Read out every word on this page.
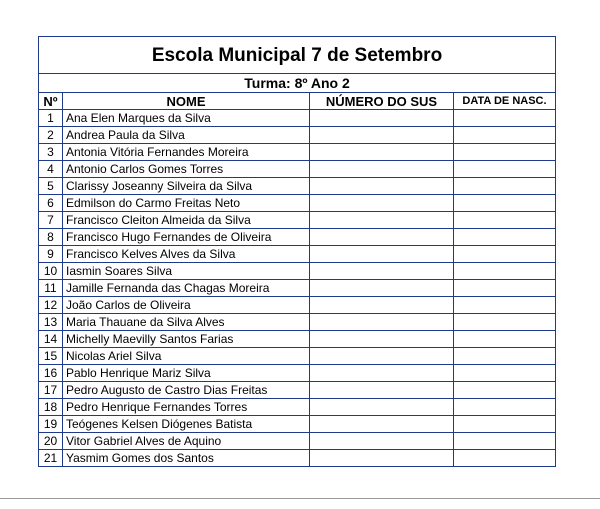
Escola Municipal 7 de Setembro			
Turma: 8º Ano 2			
Nº	NOME	NÚMERO DO SUS	DATA DE NASC.
1	Ana Elen Marques da Silva		
2	Andrea Paula da Silva		
3	Antonia Vitória Fernandes Moreira		
4	Antonio Carlos Gomes Torres		
5	Clarissy Joseanny Silveira da Silva		
6	Edmilson do Carmo Freitas Neto		
7	Francisco Cleiton Almeida da Silva		
8	Francisco Hugo Fernandes de Oliveira		
9	Francisco Kelves Alves da Silva		
10	Iasmin Soares Silva		
11	Jamille Fernanda das Chagas Moreira		
12	João Carlos de Oliveira		
13	Maria Thauane da Silva Alves		
14	Michelly Maevilly Santos Farias		
15	Nicolas Ariel Silva		
16	Pablo Henrique Mariz Silva		
17	Pedro Augusto de Castro Dias Freitas		
18	Pedro Henrique Fernandes Torres		
19	Teógenes Kelsen Diógenes Batista		
20	Vitor Gabriel Alves de Aquino		
21	Yasmim Gomes dos Santos		
